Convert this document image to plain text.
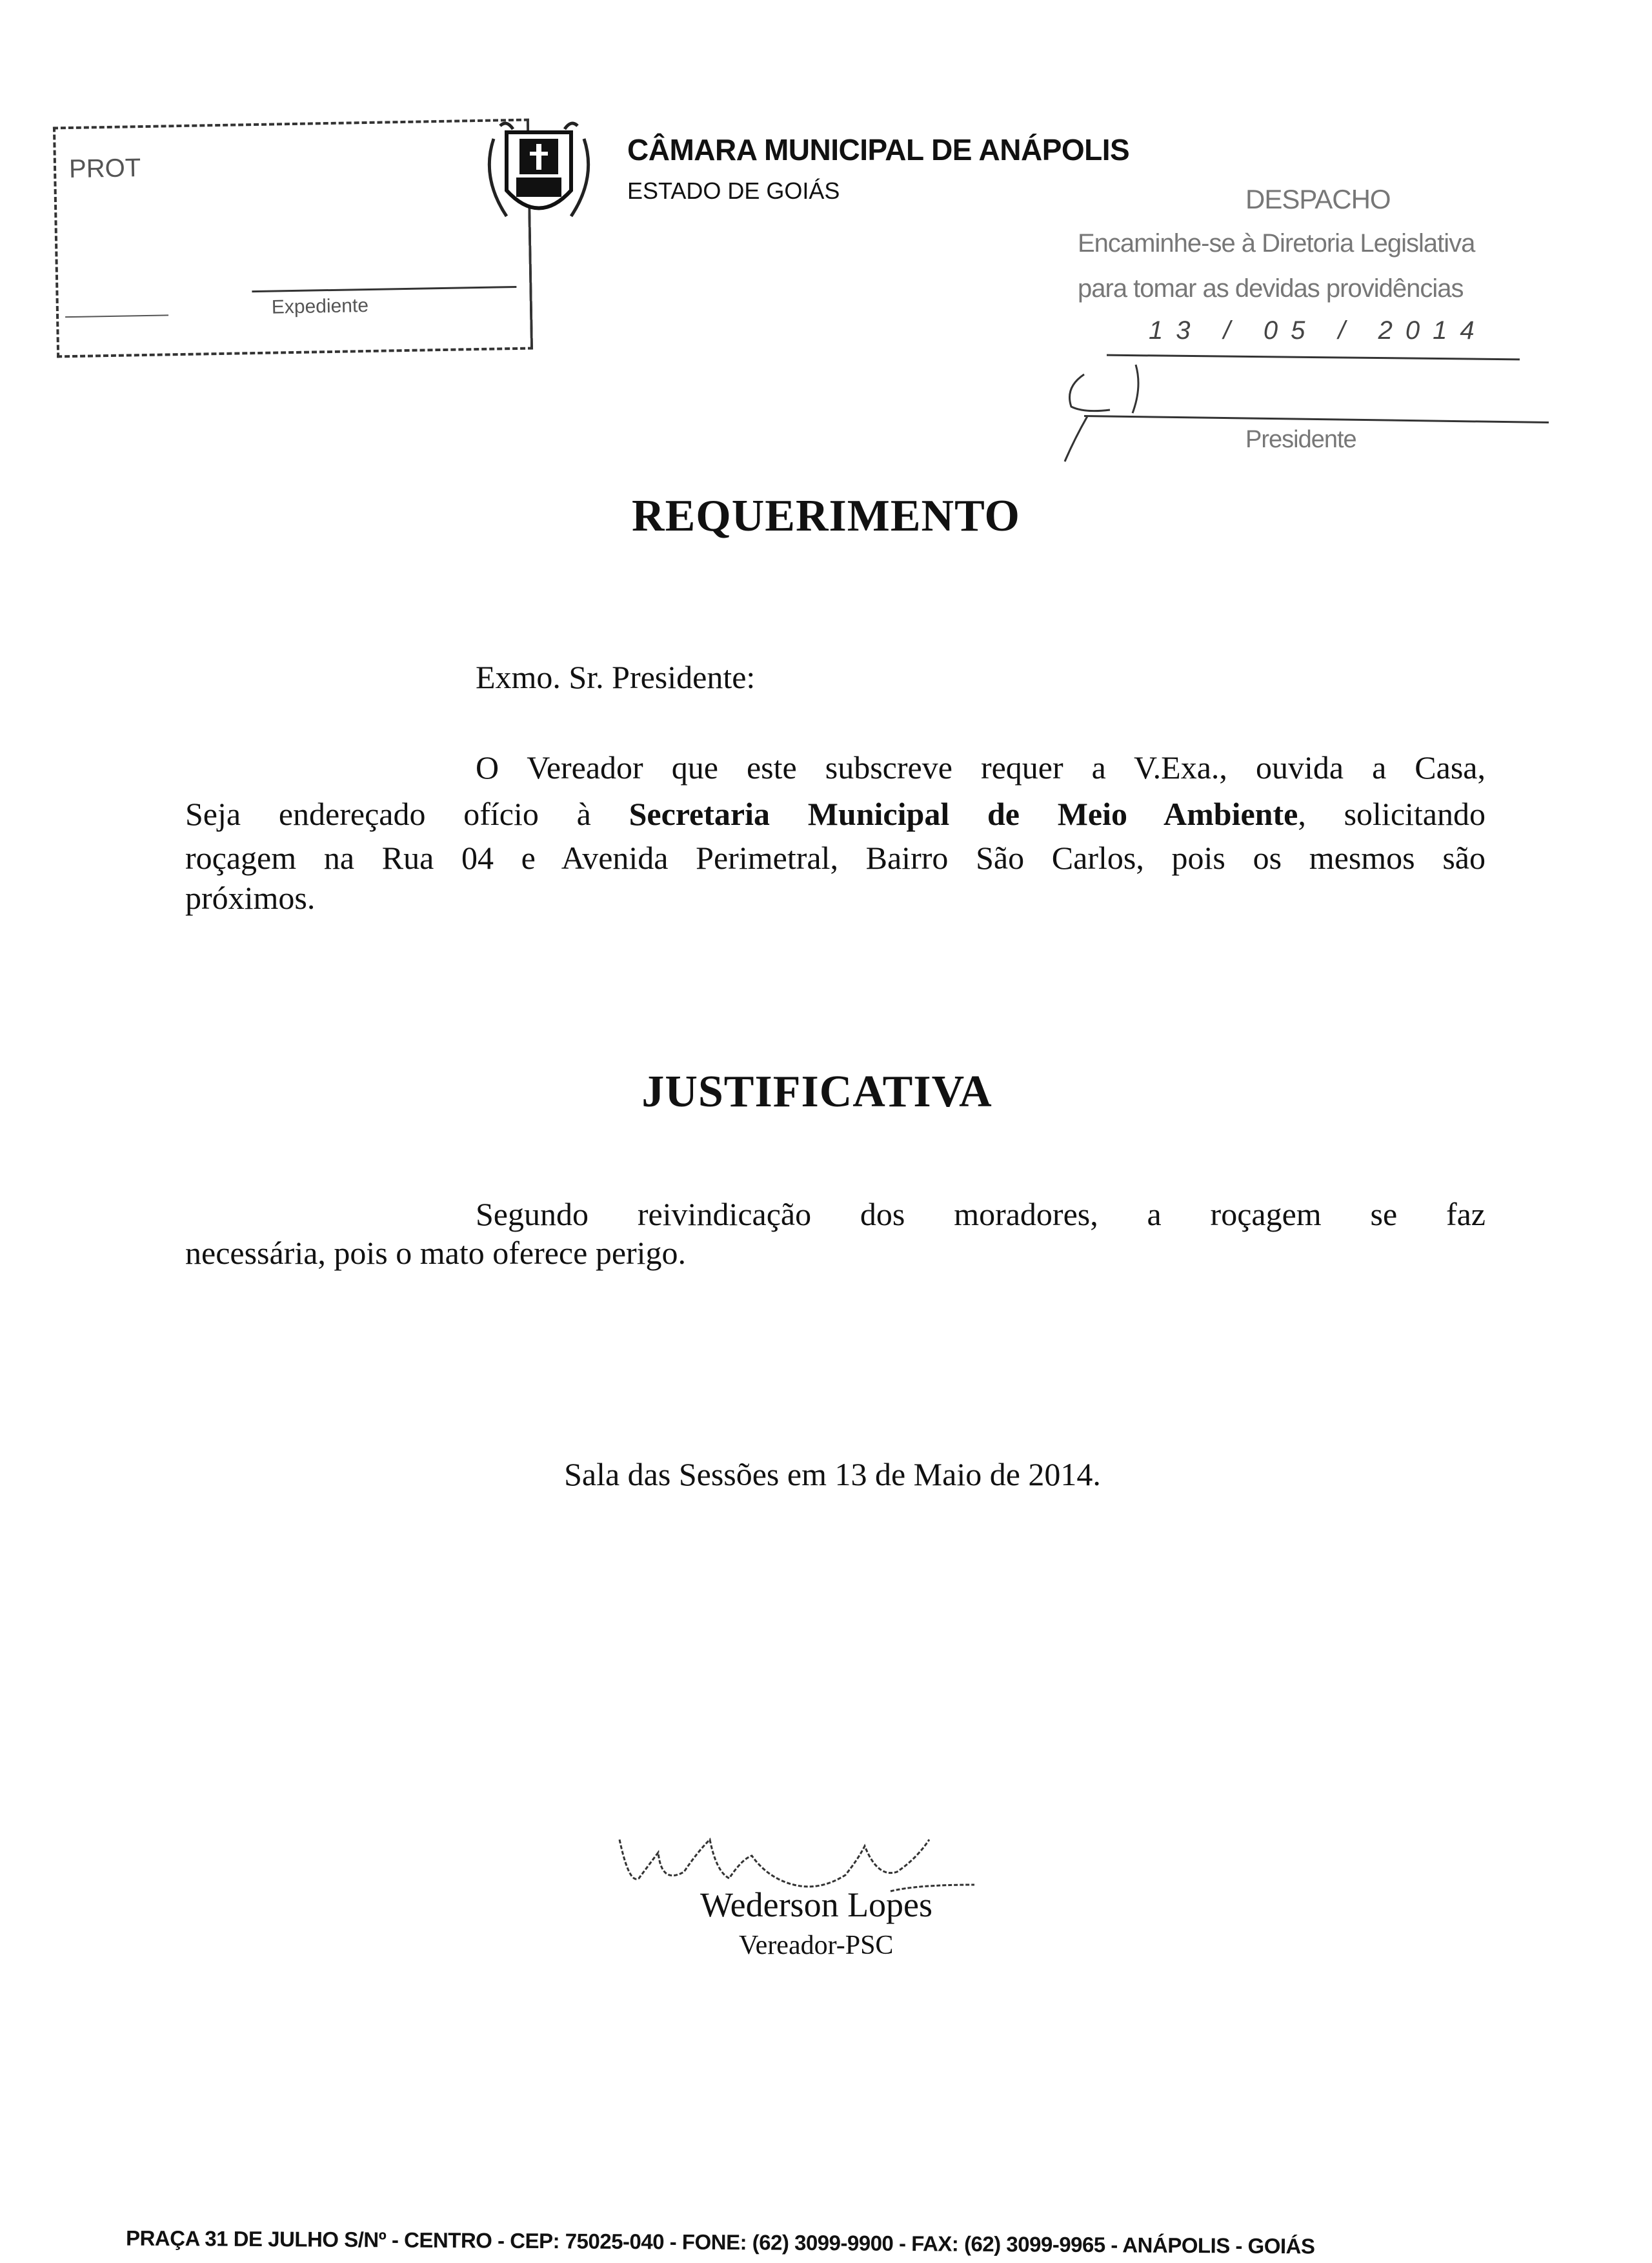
PROT
Expediente
CÂMARA MUNICIPAL DE ANÁPOLIS
ESTADO DE GOIÁS	DESPACHO
Encaminhe-se à Diretoria Legislativa
para tomar as devidas providências
13 / 05 / 2014
Presidente
REQUERIMENTO
Exmo. Sr. Presidente:
O Vereador que este subscreve requer a V.Exa., ouvida a Casa,
Seja endereçado ofício à Secretaria Municipal de Meio Ambiente, solicitando
roçagem na Rua 04 e Avenida Perimetral, Bairro São Carlos, pois os mesmos são
próximos.
JUSTIFICATIVA
Segundo reivindicação dos moradores, a roçagem se faz
necessária, pois o mato oferece perigo.
Sala das Sessões em 13 de Maio de 2014.
Wederson Lopes
Vereador-PSC
PRAÇA 31 DE JULHO S/Nº - CENTRO - CEP: 75025-040 - FONE: (62) 3099-9900 - FAX: (62) 3099-9965 - ANÁPOLIS - GOIÁS
